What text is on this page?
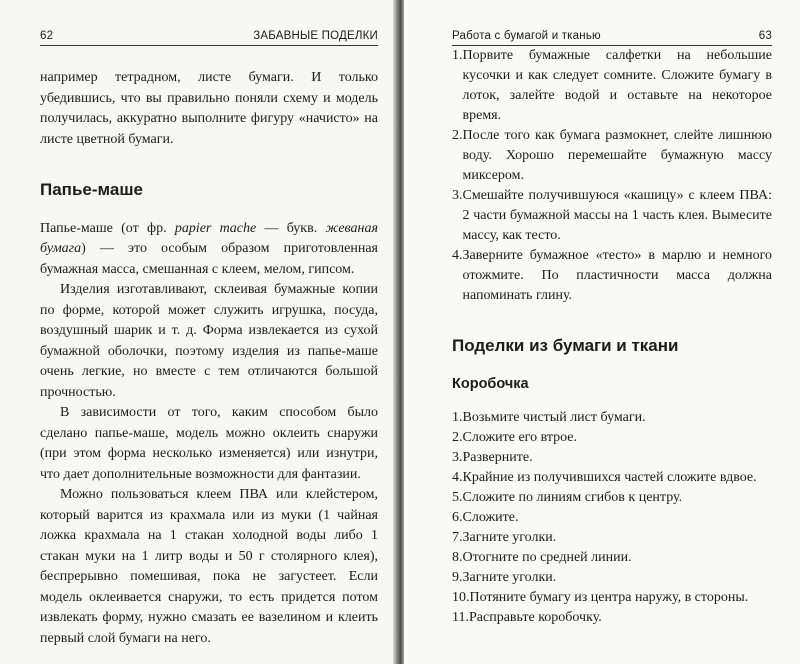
62	ЗАБАВНЫЕ ПОДЕЛКИ

например тетрадном, листе бумаги. И только убедившись, что вы правильно поняли схему и модель получилась, аккуратно выполните фигуру «начисто» на листе цветной бумаги.

Папье-маше

Папье-маше (от фр. papier mache — букв. жеваная бумага) — это особым образом приготовленная бумажная масса, смешанная с клеем, мелом, гипсом.

Изделия изготавливают, склеивая бумажные копии по форме, которой может служить игрушка, посуда, воздушный шарик и т. д. Форма извлекается из сухой бумажной оболочки, поэтому изделия из папье-маше очень легкие, но вместе с тем отличаются большой прочностью.

В зависимости от того, каким способом было сделано папье-маше, модель можно оклеить снаружи (при этом форма несколько изменяется) или изнутри, что дает дополнительные возможности для фантазии.

Можно пользоваться клеем ПВА или клейстером, который варится из крахмала или из муки (1 чайная ложка крахмала на 1 стакан холодной воды либо 1 стакан муки на 1 литр воды и 50 г столярного клея), беспрерывно помешивая, пока не загустеет. Если модель оклеивается снаружи, то есть придется потом извлекать форму, нужно смазать ее вазелином и клеить первый слой бумаги на него.

Работа с бумагой и тканью	63
1. Порвите бумажные салфетки на небольшие кусочки и как следует сомните. Сложите бумагу в лоток, залейте водой и оставьте на некоторое время.
2. После того как бумага размокнет, слейте лишнюю воду. Хорошо перемешайте бумажную массу миксером.
3. Смешайте получившуюся «кашицу» с клеем ПВА: 2 части бумажной массы на 1 часть клея. Вымесите массу, как тесто.
4. Заверните бумажное «тесто» в марлю и немного отожмите. По пластичности масса должна напоминать глину.
Поделки из бумаги и ткани
Коробочка
1. Возьмите чистый лист бумаги.
2. Сложите его втрое.
3. Разверните.
4. Крайние из получившихся частей сложите вдвое.
5. Сложите по линиям сгибов к центру.
6. Сложите.
7. Загните уголки.
8. Отогните по средней линии.
9. Загните уголки.
10. Потяните бумагу из центра наружу, в стороны.
11. Расправьте коробочку.
